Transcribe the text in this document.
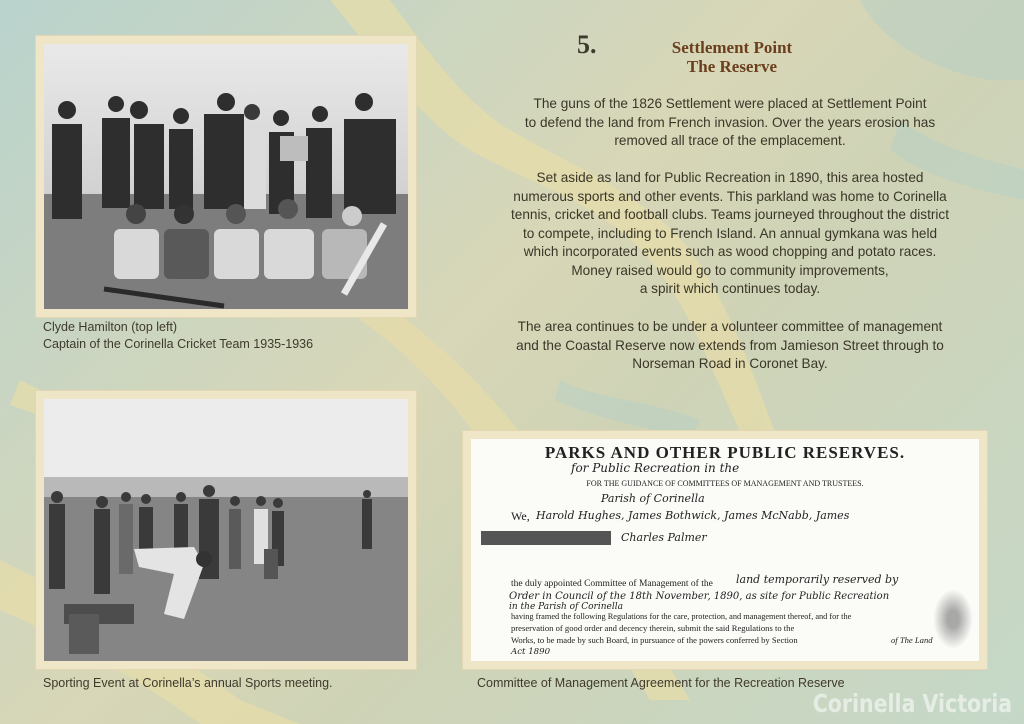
Clyde Hamilton (top left)
Captain of the Corinella Cricket Team 1935-1936
Sporting Event at Corinella’s annual Sports meeting.
5.	Settlement Point
The Reserve
The guns of the 1826 Settlement were placed at Settlement Point
to defend the land from French invasion. Over the years erosion has
removed all trace of the emplacement.
Set aside as land for Public Recreation in 1890, this area hosted
numerous sports and other events. This parkland was home to Corinella
tennis, cricket and football clubs. Teams journeyed throughout the district
to compete, including to French Island. An annual gymkana was held
which incorporated events such as wood chopping and potato races.
Money raised would go to community improvements,
a spirit which continues today.
The area continues to be under a volunteer committee of management
and the Coastal Reserve now extends from Jamieson Street through to
Norseman Road in Coronet Bay.
PARKS AND OTHER PUBLIC RESERVES.
for Public Recreation in the
FOR THE GUIDANCE OF COMMITTEES OF MANAGEMENT AND TRUSTEES.
Parish of Corinella
We, Harold Hughes, James Bothwick, James McNabb, James
Charles Palmer
the duly appointed Committee of Management of the land temporarily reserved by
Order in Council of the 18th November, 1890, as site for Public Recreation
in the Parish of Corinella
having framed the following Regulations for the care, protection, and management thereof, and for the
preservation of good order and decency therein, submit the said Regulations to the
Works, to be made by such Board, in pursuance of the powers conferred by Section	of The Land
Act 1890
Committee of Management Agreement for the Recreation Reserve
Corinella Victoria
